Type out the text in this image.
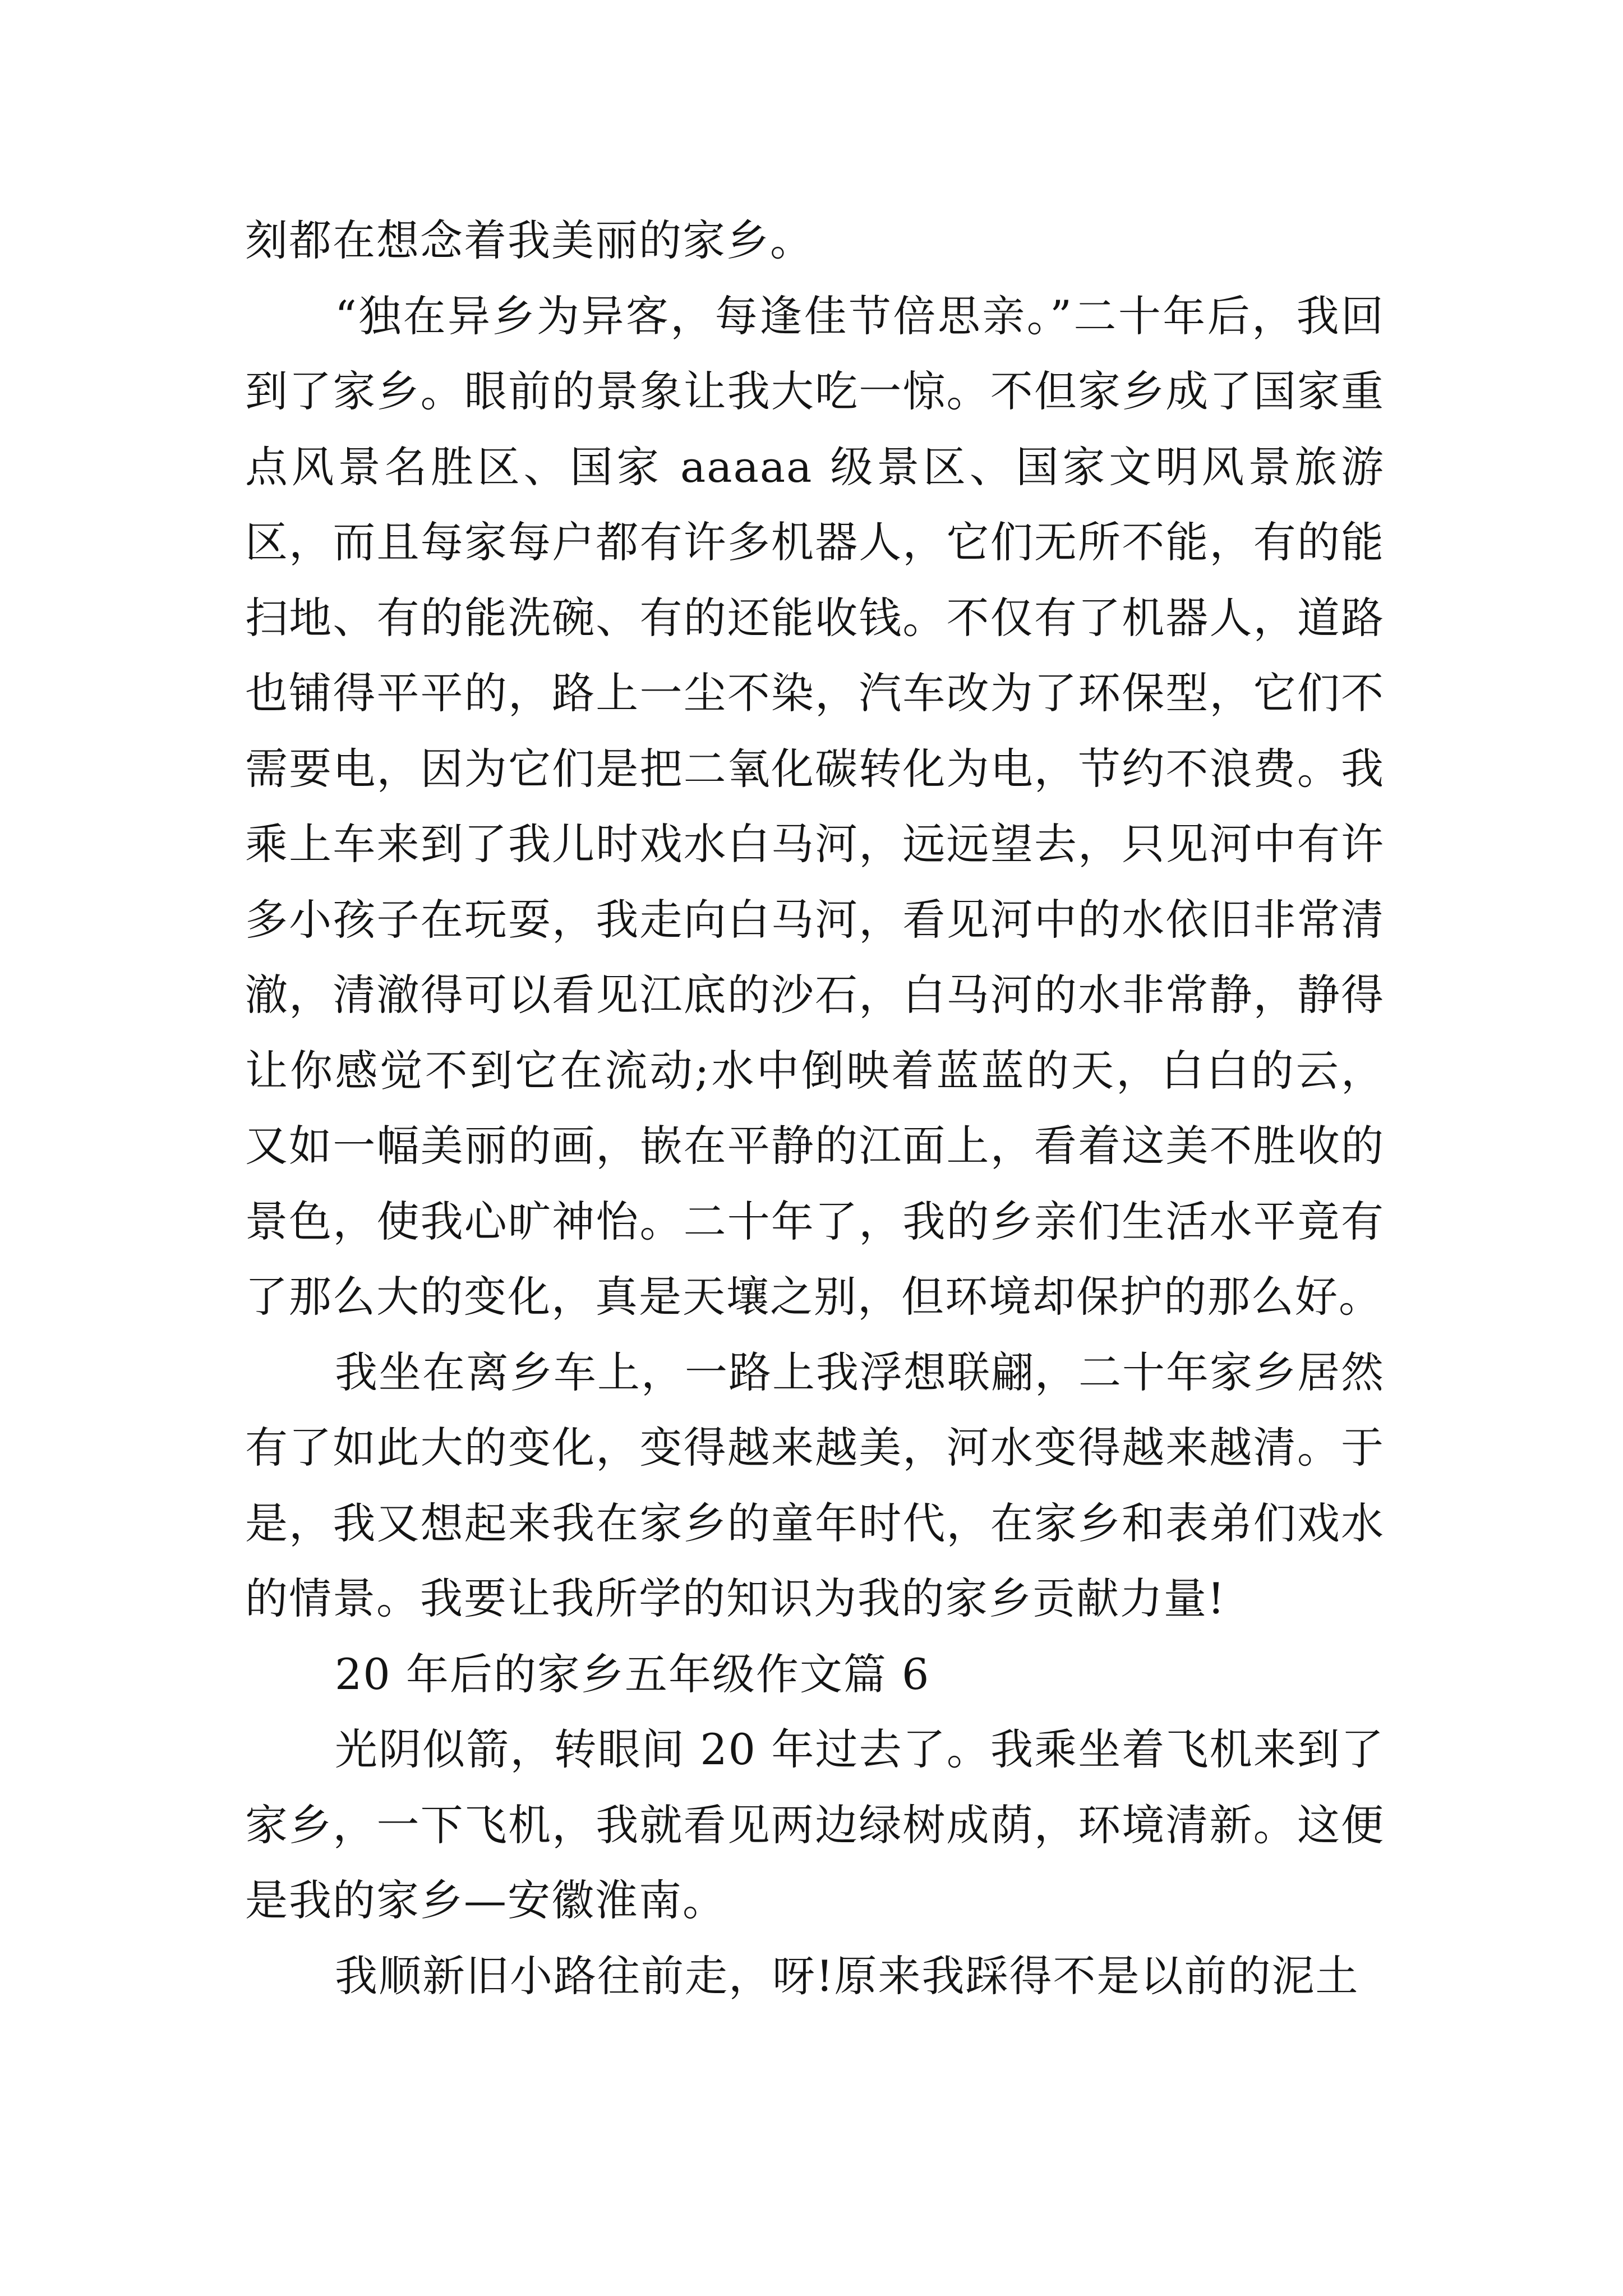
刻都在想念着我美丽的家乡。

“独在异乡为异客，每逢佳节倍思亲。”二十年后，我回到了家乡。眼前的景象让我大吃一惊。不但家乡成了国家重点风景名胜区、国家 aaaaa 级景区、国家文明风景旅游区，而且每家每户都有许多机器人，它们无所不能，有的能扫地、有的能洗碗、有的还能收钱。不仅有了机器人，道路也铺得平平的，路上一尘不染，汽车改为了环保型，它们不需要电，因为它们是把二氧化碳转化为电，节约不浪费。我乘上车来到了我儿时戏水白马河，远远望去，只见河中有许多小孩子在玩耍，我走向白马河，看见河中的水依旧非常清澈，清澈得可以看见江底的沙石，白马河的水非常静，静得让你感觉不到它在流动;水中倒映着蓝蓝的天，白白的云，又如一幅美丽的画，嵌在平静的江面上，看着这美不胜收的景色，使我心旷神怡。二十年了，我的乡亲们生活水平竟有了那么大的变化，真是天壤之别，但环境却保护的那么好。

我坐在离乡车上，一路上我浮想联翩，二十年家乡居然有了如此大的变化，变得越来越美，河水变得越来越清。于是，我又想起来我在家乡的童年时代，在家乡和表弟们戏水的情景。我要让我所学的知识为我的家乡贡献力量!

20 年后的家乡五年级作文篇 6

光阴似箭，转眼间 20 年过去了。我乘坐着飞机来到了家乡，一下飞机，我就看见两边绿树成荫，环境清新。这便是我的家乡—安徽淮南。

我顺新旧小路往前走，呀!原来我踩得不是以前的泥土
